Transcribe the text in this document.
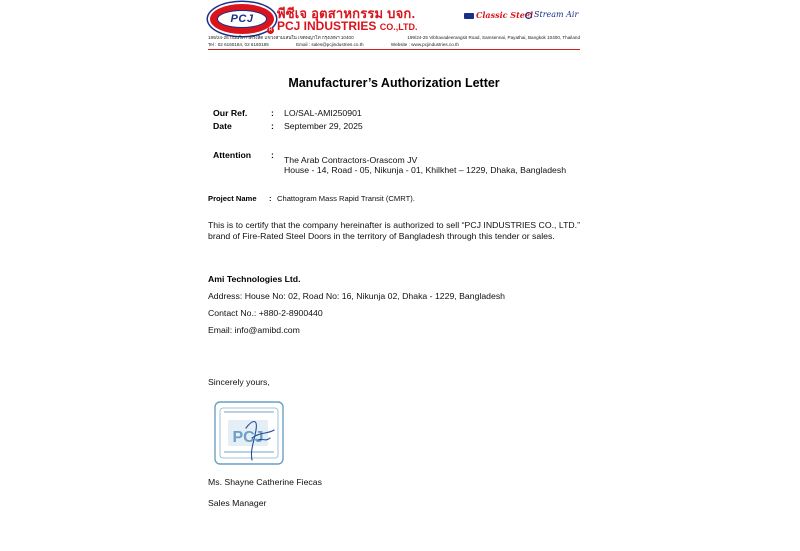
PCJ
R
พีซีเจ อุตสาหกรรม บจก.
PCJ INDUSTRIES CO.,LTD.
Classic Steel Stream Air
199/24-25 ถนนวิภาวดีรังสิต แขวงสามเสนใน เขตพญาไท กรุงเทพฯ 10400	199/24-25 Vibhavadeerangsit Road, Samsennai, Payathai, Bangkok 10400, Thailand
Tel : 02 6160184, 02 6160185	Email : sales@pcjindustries.co.th	Website : www.pcjindustries.co.th
Manufacturer’s Authorization Letter
Our Ref.	: LO/SAL-AMI250901
Date	: September 29, 2025
Attention : The Arab Contractors-Orascom JV
House - 14, Road - 05, Nikunja - 01, Khilkhet – 1229, Dhaka, Bangladesh
Project Name : Chattogram Mass Rapid Transit (CMRT).
This is to certify that the company hereinafter is authorized to sell “PCJ INDUSTRIES CO., LTD.” brand of Fire-Rated Steel Doors in the territory of Bangladesh through this tender or sales.
Ami Technologies Ltd.
Address: House No: 02, Road No: 16, Nikunja 02, Dhaka - 1229, Bangladesh
Contact No.: +880-2-8900440
Email: info@amibd.com
Sincerely yours,
PCJ
Ms. Shayne Catherine Fiecas
Sales Manager
